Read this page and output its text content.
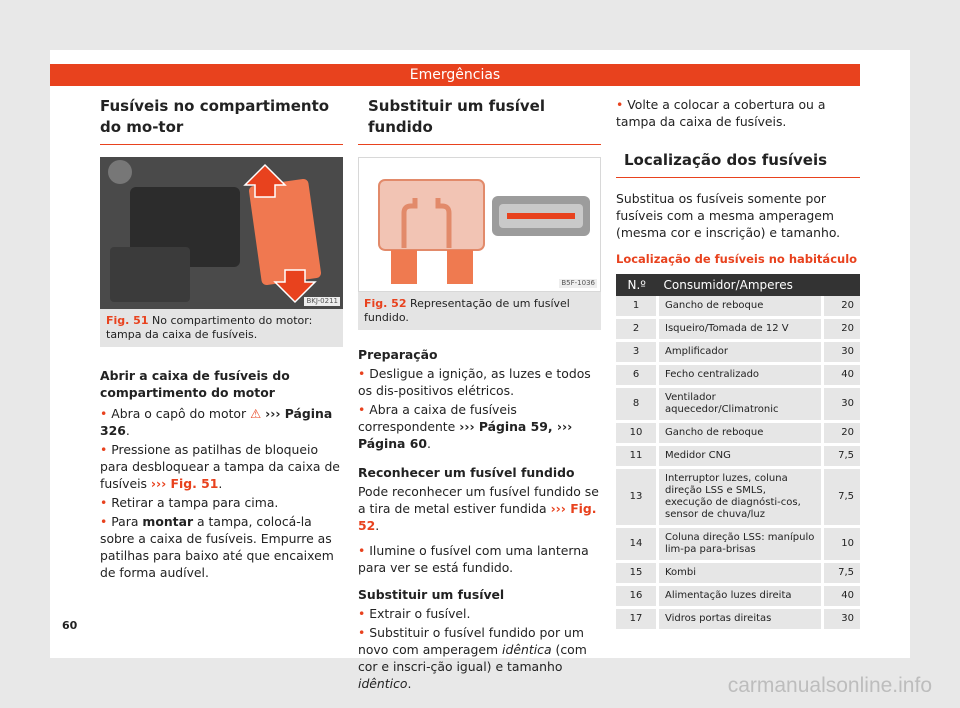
Emergências
Fusíveis no compartimento do mo-tor
BKJ-0211
Fig. 51 No compartimento do motor: tampa da caixa de fusíveis.
Abrir a caixa de fusíveis do compartimento do motor
• Abra o capô do motor ⚠ ››› Página 326.
• Pressione as patilhas de bloqueio para desbloquear a tampa da caixa de fusíveis ››› Fig. 51.
• Retirar a tampa para cima.
• Para montar a tampa, colocá-la sobre a caixa de fusíveis. Empurre as patilhas para baixo até que encaixem de forma audível.
Substituir um fusível fundido
B5F-1036
Fig. 52 Representação de um fusível fundido.
Preparação
• Desligue a ignição, as luzes e todos os dis-positivos elétricos.
• Abra a caixa de fusíveis correspondente ››› Página 59, ››› Página 60.
Reconhecer um fusível fundido
Pode reconhecer um fusível fundido se a tira de metal estiver fundida ››› Fig. 52.
• Ilumine o fusível com uma lanterna para ver se está fundido.
Substituir um fusível
• Extrair o fusível.
• Substituir o fusível fundido por um novo com amperagem idêntica (com cor e inscri-ção igual) e tamanho idêntico.
• Volte a colocar a cobertura ou a tampa da caixa de fusíveis.
Localização dos fusíveis
Substitua os fusíveis somente por fusíveis com a mesma amperagem (mesma cor e inscrição) e tamanho.
Localização de fusíveis no habitáculo
N.º	Consumidor/Amperes	
1	Gancho de reboque	20
2	Isqueiro/Tomada de 12 V	20
3	Amplificador	30
6	Fecho centralizado	40
8	Ventilador aquecedor/Climatronic	30
10	Gancho de reboque	20
11	Medidor CNG	7,5
13	Interruptor luzes, coluna direção LSS e SMLS, execução de diagnósti-cos, sensor de chuva/luz	7,5
14	Coluna direção LSS: manípulo lim-pa para-brisas	10
15	Kombi	7,5
16	Alimentação luzes direita	40
17	Vidros portas direitas	30
60
carmanualsonline.info
